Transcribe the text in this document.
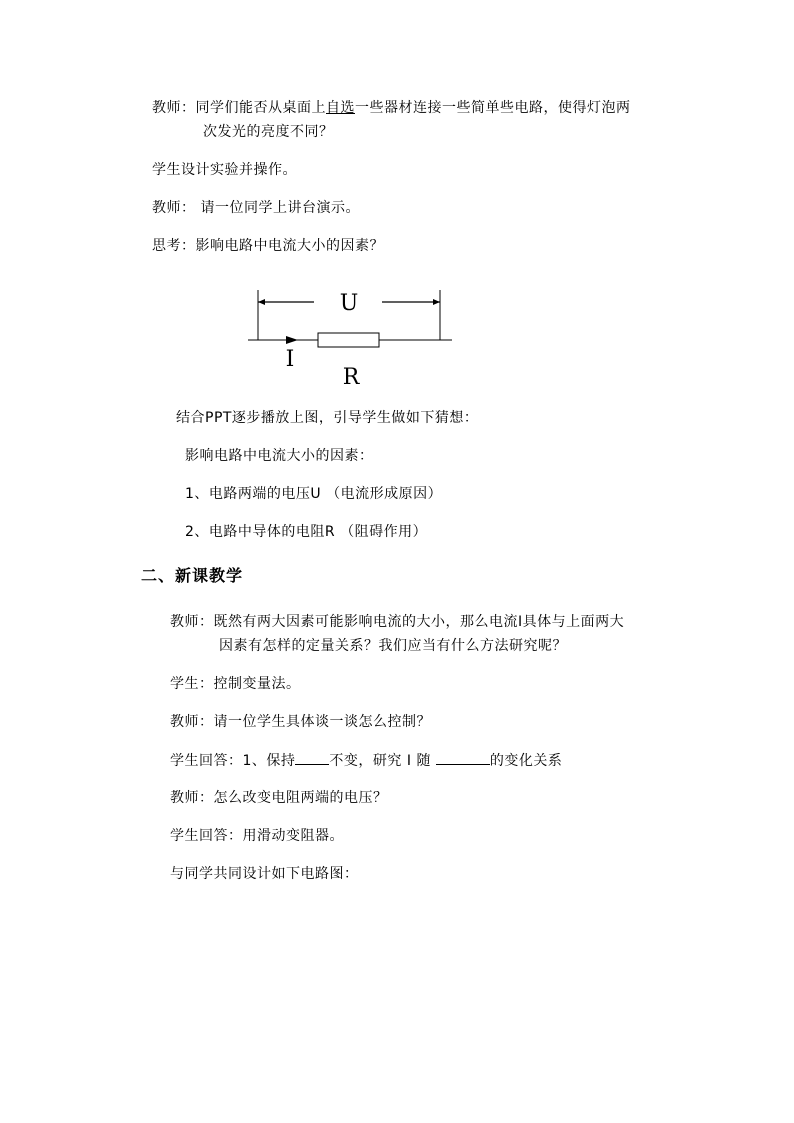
教师：同学们能否从桌面上自选一些器材连接一些简单些电路，使得灯泡两
次发光的亮度不同？
学生设计实验并操作。
教师： 请一位同学上讲台演示。
思考：影响电路中电流大小的因素？
U
I
R
结合PPT逐步播放上图，引导学生做如下猜想：
影响电路中电流大小的因素：
1、电路两端的电压U （电流形成原因）
2、电路中导体的电阻R （阻碍作用）
二、新课教学
教师：既然有两大因素可能影响电流的大小，那么电流I具体与上面两大
因素有怎样的定量关系？我们应当有什么方法研究呢？
学生：控制变量法。
教师：请一位学生具体谈一谈怎么控制？
学生回答：1、保持 不变，研究 I 随	的变化关系
教师：怎么改变电阻两端的电压？
学生回答：用滑动变阻器。
与同学共同设计如下电路图：
